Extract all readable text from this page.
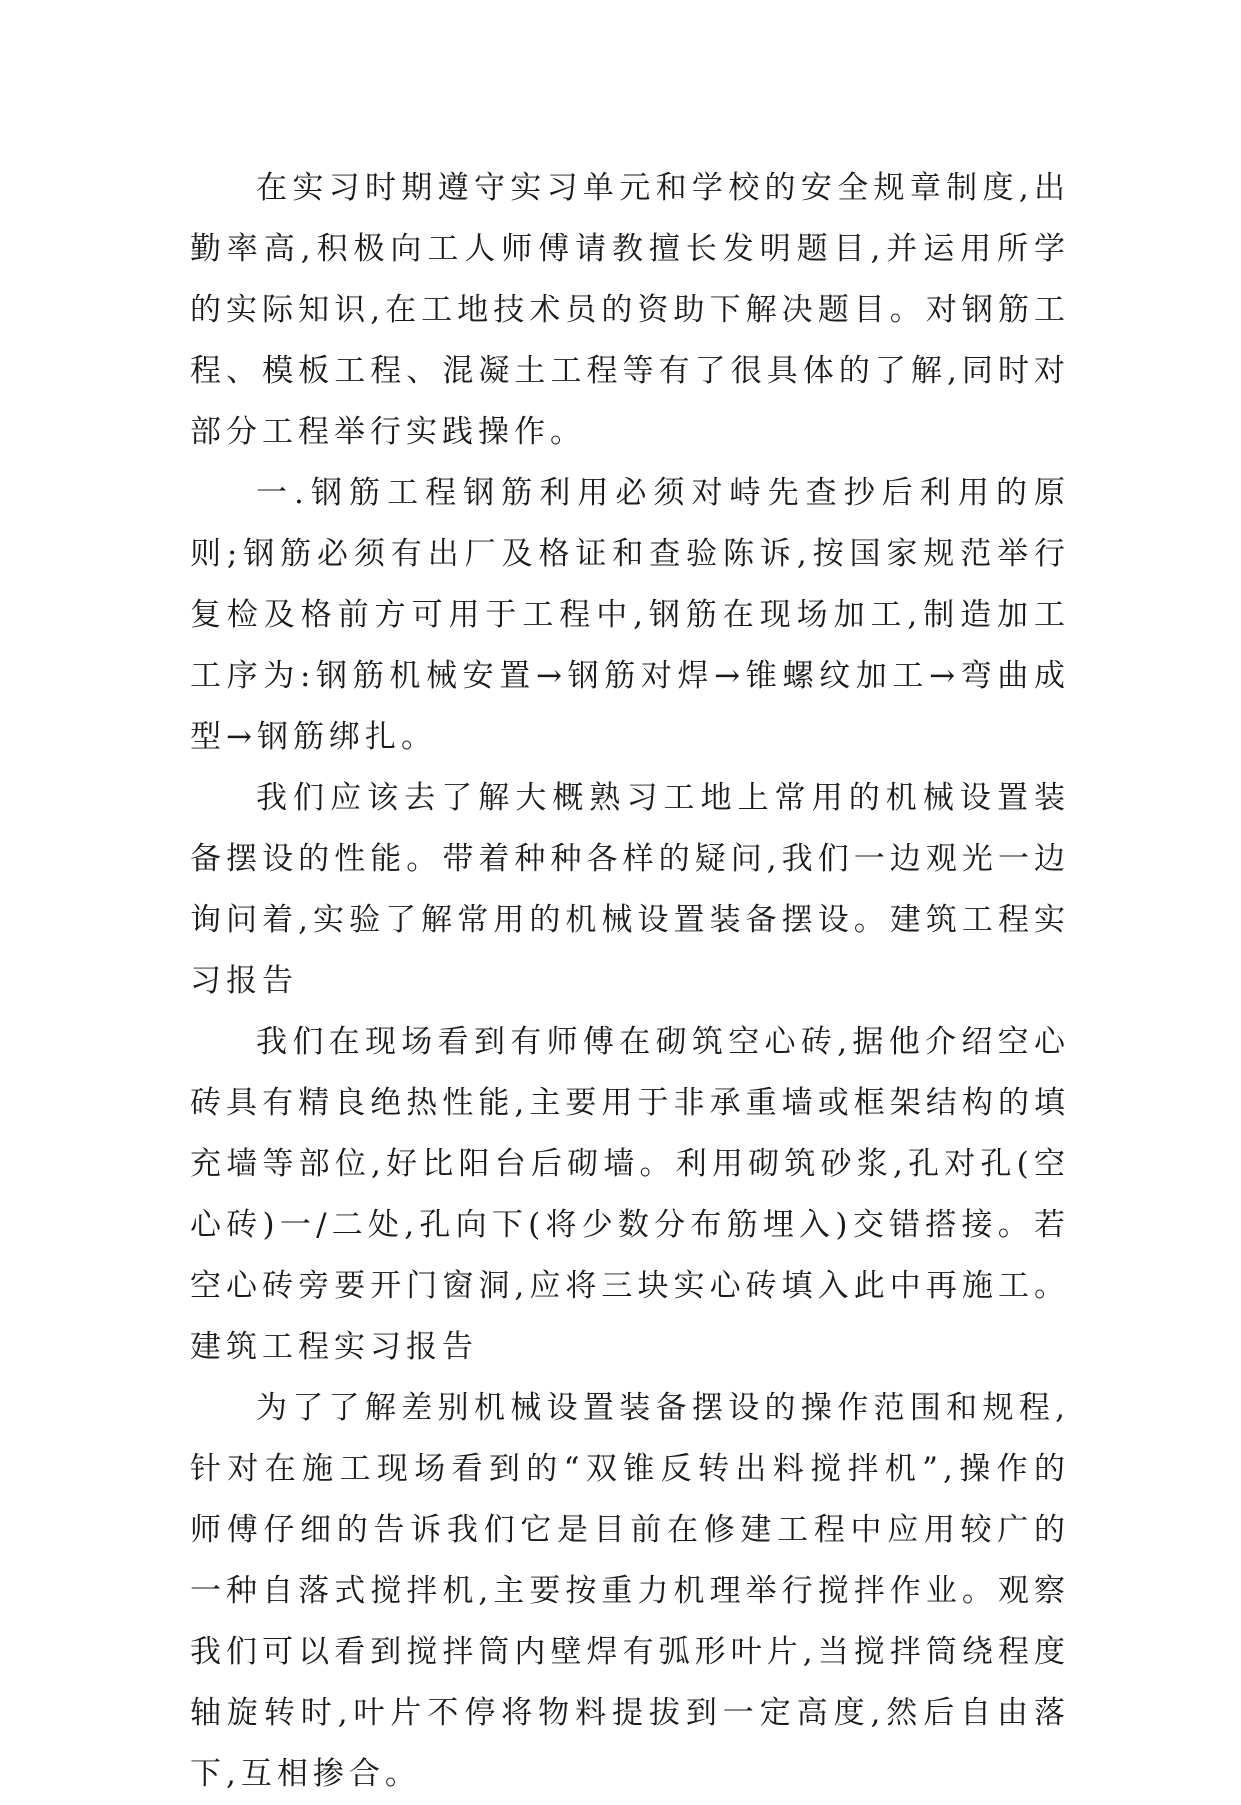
在实习时期遵守实习单元和学校的安全规章制度,出勤率高,积极向工人师傅请教擅长发明题目,并运用所学的实际知识,在工地技术员的资助下解决题目。对钢筋工程、模板工程、混凝土工程等有了很具体的了解,同时对部分工程举行实践操作。

一.钢筋工程钢筋利用必须对峙先查抄后利用的原则;钢筋必须有出厂及格证和查验陈诉,按国家规范举行复检及格前方可用于工程中,钢筋在现场加工,制造加工工序为:钢筋机械安置→钢筋对焊→锥螺纹加工→弯曲成型→钢筋绑扎。

我们应该去了解大概熟习工地上常用的机械设置装备摆设的性能。带着种种各样的疑问,我们一边观光一边询问着,实验了解常用的机械设置装备摆设。建筑工程实习报告

我们在现场看到有师傅在砌筑空心砖,据他介绍空心砖具有精良绝热性能,主要用于非承重墙或框架结构的填充墙等部位,好比阳台后砌墙。利用砌筑砂浆,孔对孔(空心砖)一/二处,孔向下(将少数分布筋埋入)交错搭接。若空心砖旁要开门窗洞,应将三块实心砖填入此中再施工。建筑工程实习报告

为了了解差别机械设置装备摆设的操作范围和规程,针对在施工现场看到的“双锥反转出料搅拌机”,操作的师傅仔细的告诉我们它是目前在修建工程中应用较广的一种自落式搅拌机,主要按重力机理举行搅拌作业。观察我们可以看到搅拌筒内壁焊有弧形叶片,当搅拌筒绕程度轴旋转时,叶片不停将物料提拔到一定高度,然后自由落下,互相掺合。
